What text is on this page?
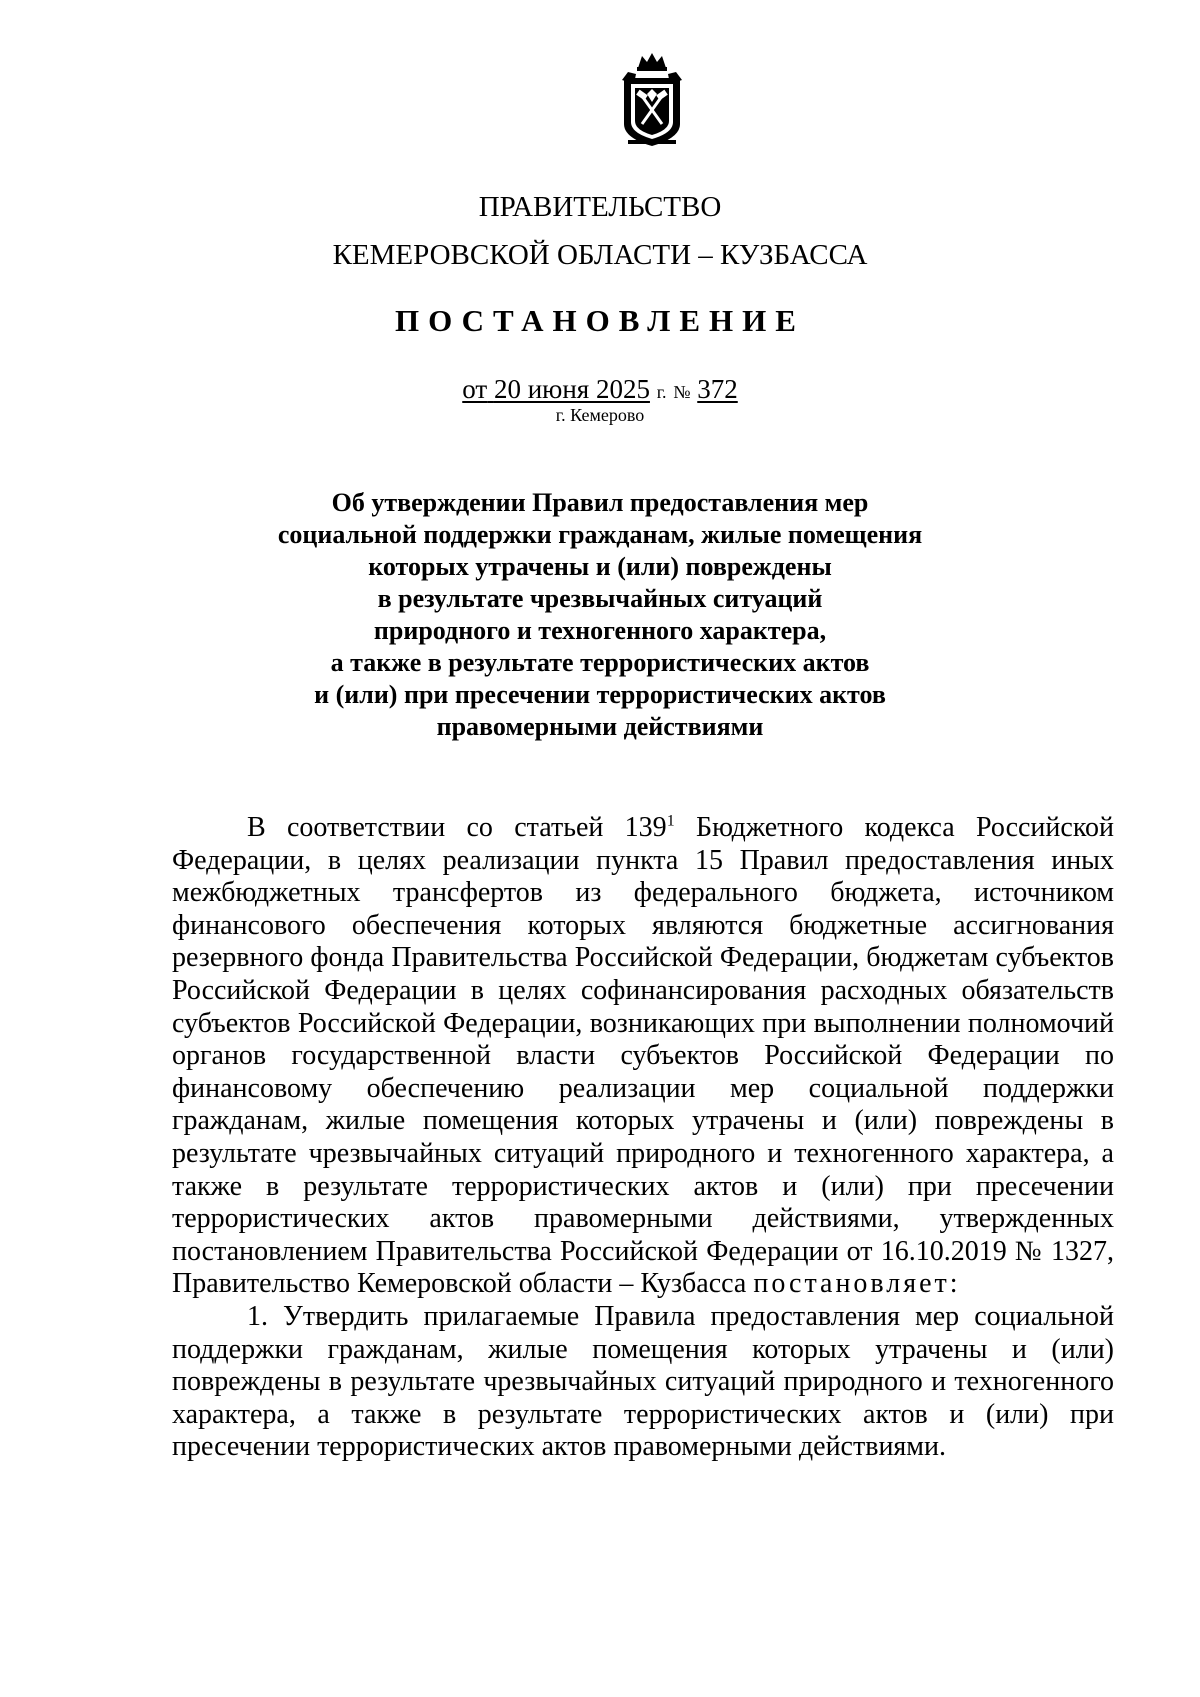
ПРАВИТЕЛЬСТВО
КЕМЕРОВСКОЙ ОБЛАСТИ – КУЗБАССА
ПОСТАНОВЛЕНИЕ
от 20 июня 2025 г. № 372
г. Кемерово
Об утверждении Правил предоставления мер
социальной поддержки гражданам, жилые помещения
которых утрачены и (или) повреждены
в результате чрезвычайных ситуаций
природного и техногенного характера,
а также в результате террористических актов
и (или) при пресечении террористических актов
правомерными действиями

В соответствии со статьей $139^1$ Бюджетного кодекса Российской Федерации, в целях реализации пункта 15 Правил предоставления иных межбюджетных трансфертов из федерального бюджета, источником финансового обеспечения которых являются бюджетные ассигнования резервного фонда Правительства Российской Федерации, бюджетам субъектов Российской Федерации в целях софинансирования расходных обязательств субъектов Российской Федерации, возникающих при выполнении полномочий органов государственной власти субъектов Российской Федерации по финансовому обеспечению реализации мер социальной поддержки гражданам, жилые помещения которых утрачены и (или) повреждены в результате чрезвычайных ситуаций природного и техногенного характера, а также в результате террористических актов и (или) при пресечении террористических актов правомерными действиями, утвержденных постановлением Правительства Российской Федерации от 16.10.2019 № 1327, Правительство Кемеровской области – Кузбасса постановляет:

1. Утвердить прилагаемые Правила предоставления мер социальной поддержки гражданам, жилые помещения которых утрачены и (или) повреждены в результате чрезвычайных ситуаций природного и техногенного характера, а также в результате террористических актов и (или) при пресечении террористических актов правомерными действиями.
